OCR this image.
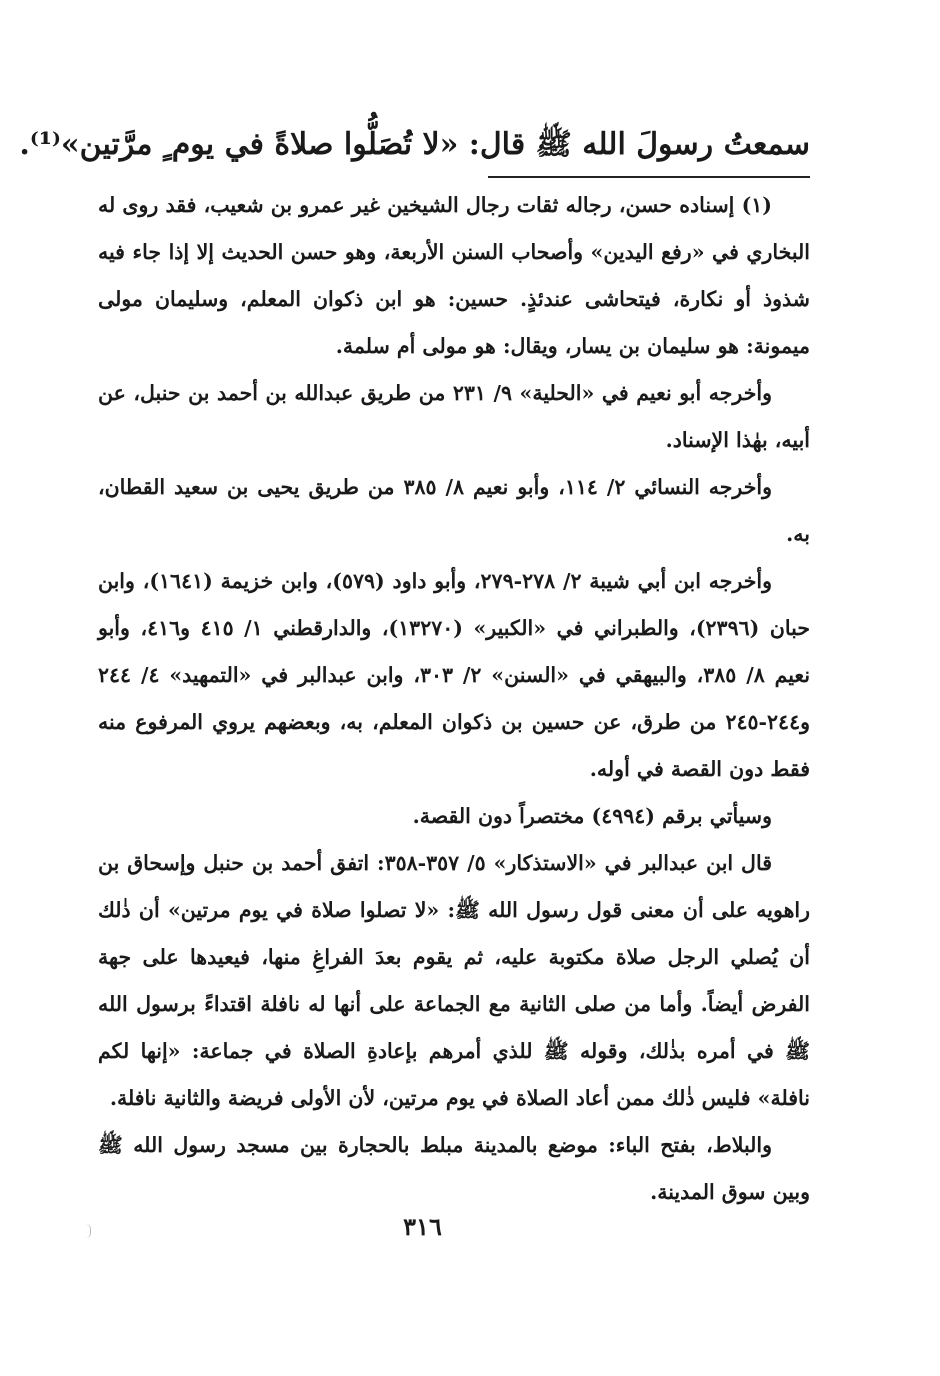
سمعتُ رسولَ الله ﷺ قال: «لا تُصَلُّوا صلاةً في يوم ٍ مرَّتين»⁽¹⁾.

(١) إسناده حسن، رجاله ثقات رجال الشيخين غير عمرو بن شعيب، فقد روى له البخاري في «رفع اليدين» وأصحاب السنن الأربعة، وهو حسن الحديث إلا إذا جاء فيه شذوذ أو نكارة، فيتحاشى عندئذٍ. حسين: هو ابن ذكوان المعلم، وسليمان مولى ميمونة: هو سليمان بن يسار، ويقال: هو مولى أم سلمة.

وأخرجه أبو نعيم في «الحلية» ٩/ ٢٣١ من طريق عبدالله بن أحمد بن حنبل، عن أبيه، بهٰذا الإسناد.

وأخرجه النسائي ٢/ ١١٤، وأبو نعيم ٨/ ٣٨٥ من طريق يحيى بن سعيد القطان، به.

وأخرجه ابن أبي شيبة ٢/ ٢٧٨-٢٧٩، وأبو داود (٥٧٩)، وابن خزيمة (١٦٤١)، وابن حبان (٢٣٩٦)، والطبراني في «الكبير» (١٣٢٧٠)، والدارقطني ١/ ٤١٥ و٤١٦، وأبو نعيم ٨/ ٣٨٥، والبيهقي في «السنن» ٢/ ٣٠٣، وابن عبدالبر في «التمهيد» ٤/ ٢٤٤ و٢٤٤-٢٤٥ من طرق، عن حسين بن ذكوان المعلم، به، وبعضهم يروي المرفوع منه فقط دون القصة في أوله.

وسيأتي برقم (٤٩٩٤) مختصراً دون القصة.

قال ابن عبدالبر في «الاستذكار» ٥/ ٣٥٧-٣٥٨: اتفق أحمد بن حنبل وإسحاق بن راهويه على أن معنى قول رسول الله ﷺ: «لا تصلوا صلاة في يوم مرتين» أن ذٰلك أن يُصلي الرجل صلاة مكتوبة عليه، ثم يقوم بعدَ الفراغِ منها، فيعيدها على جهة الفرض أيضاً. وأما من صلى الثانية مع الجماعة على أنها له نافلة اقتداءً برسول الله ﷺ في أمره بذٰلك، وقوله ﷺ للذي أمرهم بإعادةِ الصلاة في جماعة: «إنها لكم نافلة» فليس ذٰلك ممن أعاد الصلاة في يوم مرتين، لأن الأولى فريضة والثانية نافلة.

والبلاط، بفتح الباء: موضع بالمدينة مبلط بالحجارة بين مسجد رسول الله ﷺ وبين سوق المدينة.

٣١٦
